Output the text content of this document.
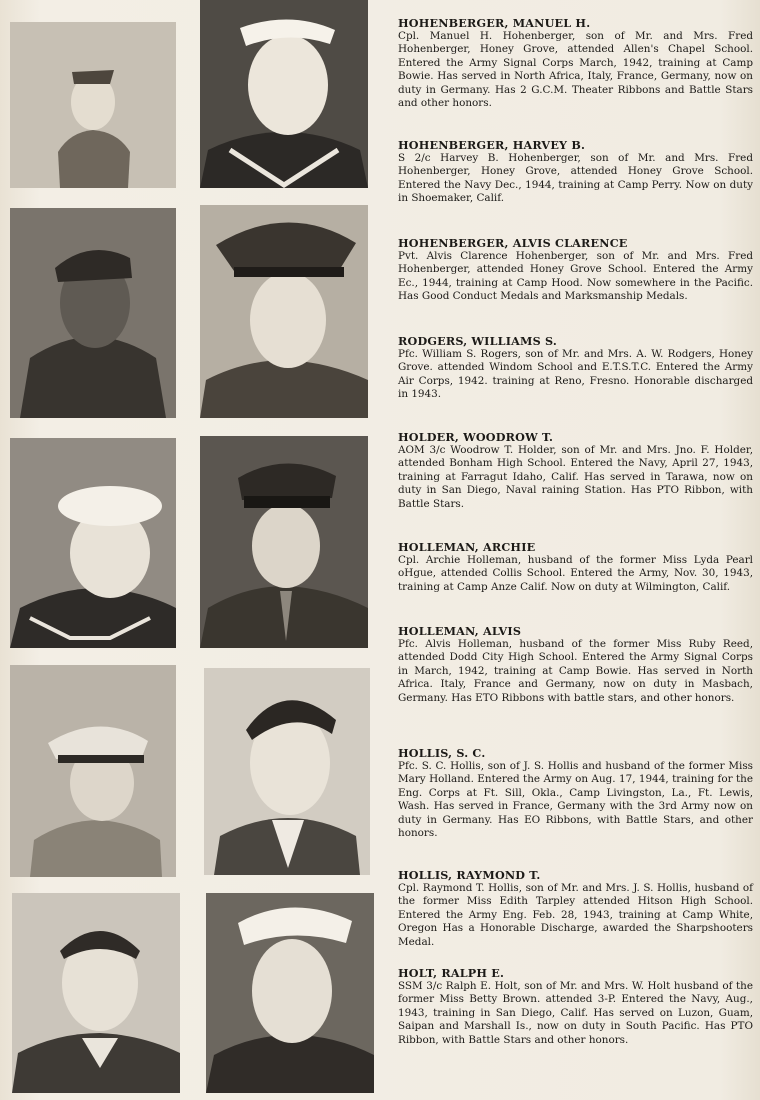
HOHENBERGER, MANUEL H.

Cpl. Manuel H. Hohenberger, son of Mr. and Mrs. Fred Hohenberger, Honey Grove, attended Allen's Chapel School. Entered the Army Signal Corps March, 1942, training at Camp Bowie. Has served in North Africa, Italy, France, Germany, now on duty in Germany. Has 2 G.C.M. Theater Ribbons and Battle Stars and other honors.

HOHENBERGER, HARVEY B.

S 2/c Harvey B. Hohenberger, son of Mr. and Mrs. Fred Hohenberger, Honey Grove, attended Honey Grove School. Entered the Navy Dec., 1944, training at Camp Perry. Now on duty in Shoemaker, Calif.

HOHENBERGER, ALVIS CLARENCE

Pvt. Alvis Clarence Hohenberger, son of Mr. and Mrs. Fred Hohenberger, attended Honey Grove School. Entered the Army Ec., 1944, training at Camp Hood. Now somewhere in the Pacific. Has Good Conduct Medals and Marksmanship Medals.

RODGERS, WILLIAMS S.

Pfc. William S. Rogers, son of Mr. and Mrs. A. W. Rodgers, Honey Grove. attended Windom School and E.T.S.T.C. Entered the Army Air Corps, 1942. training at Reno, Fresno. Honorable discharged in 1943.

HOLDER, WOODROW T.

AOM 3/c Woodrow T. Holder, son of Mr. and Mrs. Jno. F. Holder, attended Bonham High School. Entered the Navy, April 27, 1943, training at Farragut Idaho, Calif. Has served in Tarawa, now on duty in San Diego, Naval raining Station. Has PTO Ribbon, with Battle Stars.

HOLLEMAN, ARCHIE

Cpl. Archie Holleman, husband of the former Miss Lyda Pearl oHgue, attended Collis School. Entered the Army, Nov. 30, 1943, training at Camp Anze Calif. Now on duty at Wilmington, Calif.

HOLLEMAN, ALVIS

Pfc. Alvis Holleman, husband of the former Miss Ruby Reed, attended Dodd City High School. Entered the Army Signal Corps in March, 1942, training at Camp Bowie. Has served in North Africa. Italy, France and Germany, now on duty in Masbach, Germany. Has ETO Ribbons with battle stars, and other honors.

HOLLIS, S. C.

Pfc. S. C. Hollis, son of J. S. Hollis and husband of the former Miss Mary Holland. Entered the Army on Aug. 17, 1944, training for the Eng. Corps at Ft. Sill, Okla., Camp Livingston, La., Ft. Lewis, Wash. Has served in France, Germany with the 3rd Army now on duty in Germany. Has EO Ribbons, with Battle Stars, and other honors.

HOLLIS, RAYMOND T.

Cpl. Raymond T. Hollis, son of Mr. and Mrs. J. S. Hollis, husband of the former Miss Edith Tarpley attended Hitson High School. Entered the Army Eng. Feb. 28, 1943, training at Camp White, Oregon Has a Honorable Discharge, awarded the Sharpshooters Medal.

HOLT, RALPH E.

SSM 3/c Ralph E. Holt, son of Mr. and Mrs. W. Holt husband of the former Miss Betty Brown. attended 3-P. Entered the Navy, Aug., 1943, training in San Diego, Calif. Has served on Luzon, Guam, Saipan and Marshall Is., now on duty in South Pacific. Has PTO Ribbon, with Battle Stars and other honors.
